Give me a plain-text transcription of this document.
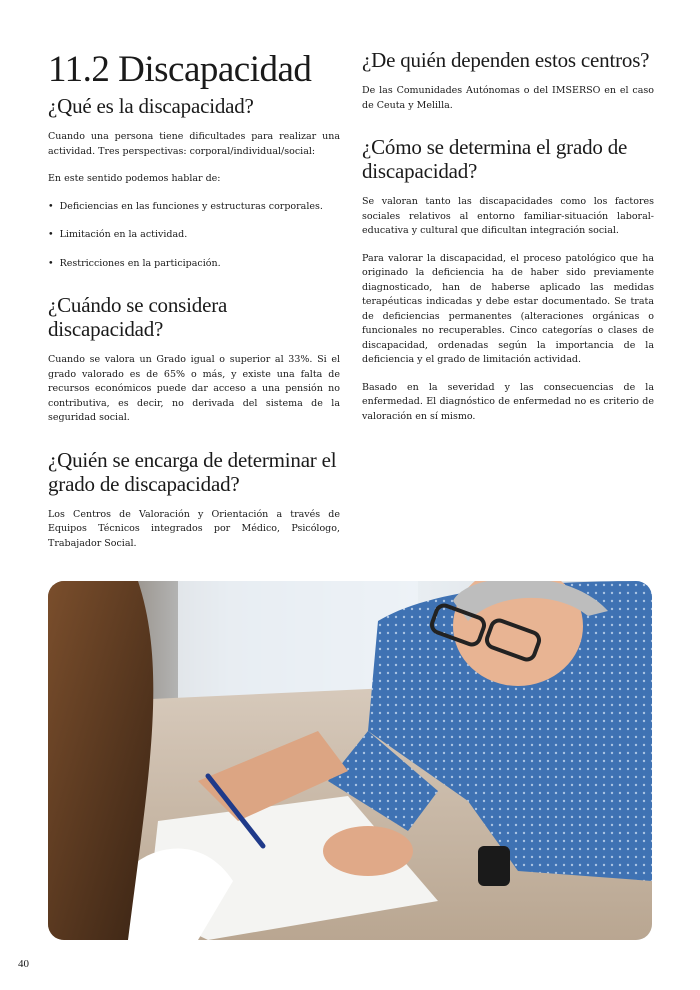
11.2 Discapacidad
¿Qué es la discapacidad?

Cuando una persona tiene dificultades para realizar una actividad. Tres perspectivas: corporal/individual/social:

En este sentido podemos hablar de:

• Deficiencias en las funciones y estructuras corporales.
• Limitación en la actividad.
• Restricciones en la participación.
¿Cuándo se considera discapacidad?

Cuando se valora un Grado igual o superior al 33%. Si el grado valorado es de 65% o más, y existe una falta de recursos económicos puede dar acceso a una pensión no contributiva, es decir, no derivada del sistema de la seguridad social.

¿Quién se encarga de determinar el grado de discapacidad?

Los Centros de Valoración y Orientación a través de Equipos Técnicos integrados por Médico, Psicólogo, Trabajador Social.

¿De quién dependen estos centros?

De las Comunidades Autónomas o del IMSERSO en el caso de Ceuta y Melilla.

¿Cómo se determina el grado de discapacidad?

Se valoran tanto las discapacidades como los factores sociales relativos al entorno familiar-situación laboral-educativa y cultural que dificultan integración social.

Para valorar la discapacidad, el proceso patológico que ha originado la deficiencia ha de haber sido previamente diagnosticado, han de haberse aplicado las medidas terapéuticas indicadas y debe estar documentado. Se trata de deficiencias permanentes (alteraciones orgánicas o funcionales no recuperables. Cinco categorías o clases de discapacidad, ordenadas según la importancia de la deficiencia y el grado de limitación actividad.

Basado en la severidad y las consecuencias de la enfermedad. El diagnóstico de enfermedad no es criterio de valoración en sí mismo.

40
